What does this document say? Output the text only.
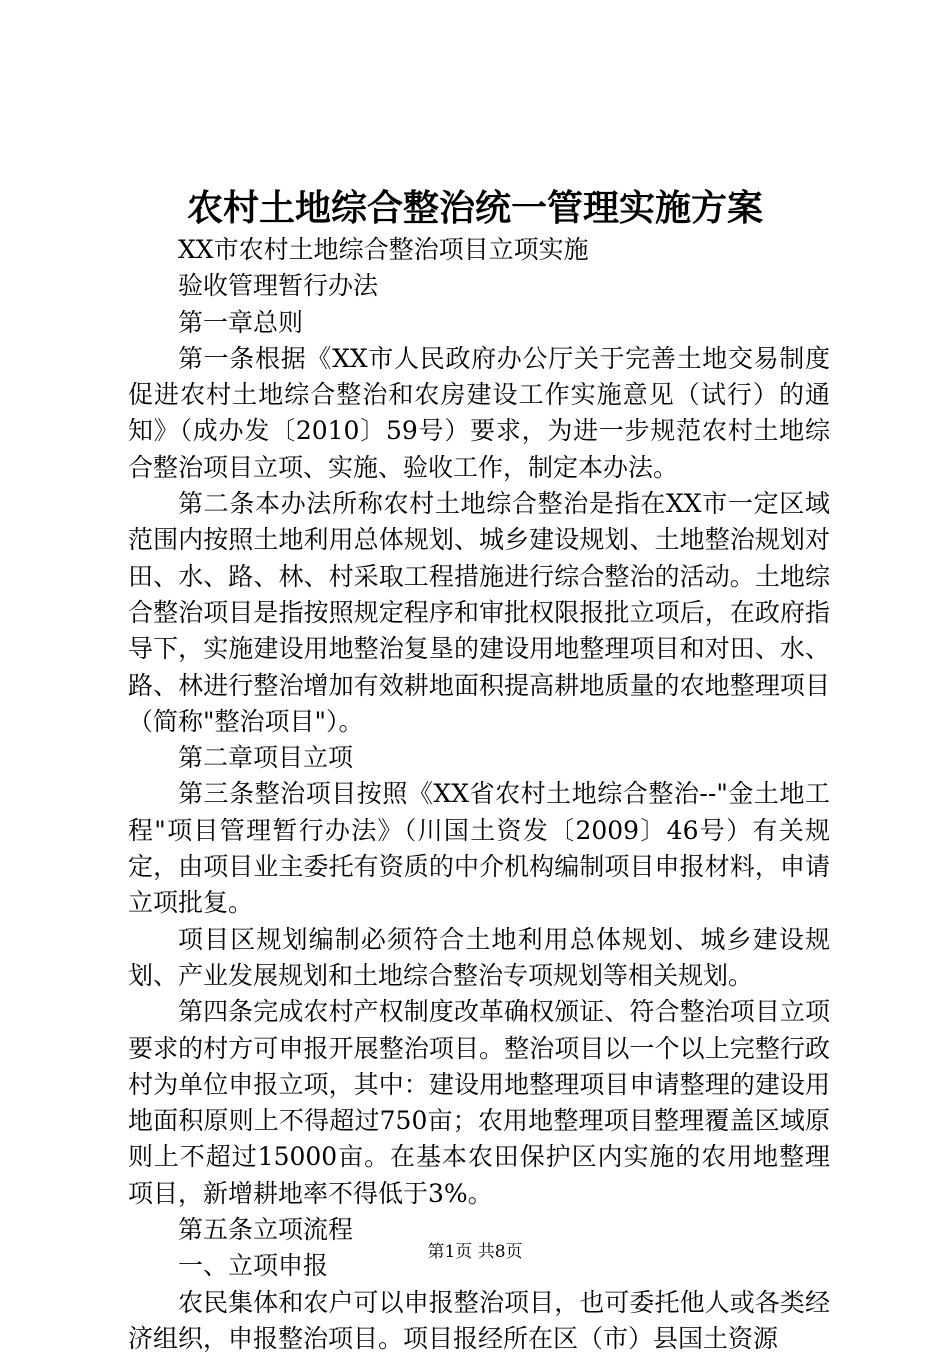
农村土地综合整治统一管理实施方案

XX市农村土地综合整治项目立项实施

验收管理暂行办法

第一章总则

第一条根据《XX市人民政府办公厅关于完善土地交易制度促进农村土地综合整治和农房建设工作实施意见（试行）的通知》（成办发〔2010〕59号）要求，为进一步规范农村土地综合整治项目立项、实施、验收工作，制定本办法。

第二条本办法所称农村土地综合整治是指在XX市一定区域范围内按照土地利用总体规划、城乡建设规划、土地整治规划对田、水、路、林、村采取工程措施进行综合整治的活动。土地综合整治项目是指按照规定程序和审批权限报批立项后，在政府指导下，实施建设用地整治复垦的建设用地整理项目和对田、水、路、林进行整治增加有效耕地面积提高耕地质量的农地整理项目（简称"整治项目"）。

第二章项目立项

第三条整治项目按照《XX省农村土地综合整治--"金土地工程"项目管理暂行办法》（川国土资发〔2009〕46号）有关规定，由项目业主委托有资质的中介机构编制项目申报材料，申请立项批复。

项目区规划编制必须符合土地利用总体规划、城乡建设规划、产业发展规划和土地综合整治专项规划等相关规划。

第四条完成农村产权制度改革确权颁证、符合整治项目立项要求的村方可申报开展整治项目。整治项目以一个以上完整行政村为单位申报立项，其中：建设用地整理项目申请整理的建设用地面积原则上不得超过750亩；农用地整理项目整理覆盖区域原则上不超过15000亩。在基本农田保护区内实施的农用地整理项目，新增耕地率不得低于3%。

第五条立项流程

一、立项申报

农民集体和农户可以申报整治项目，也可委托他人或各类经济组织，申报整治项目。项目报经所在区（市）县国土资源

第1页 共8页
